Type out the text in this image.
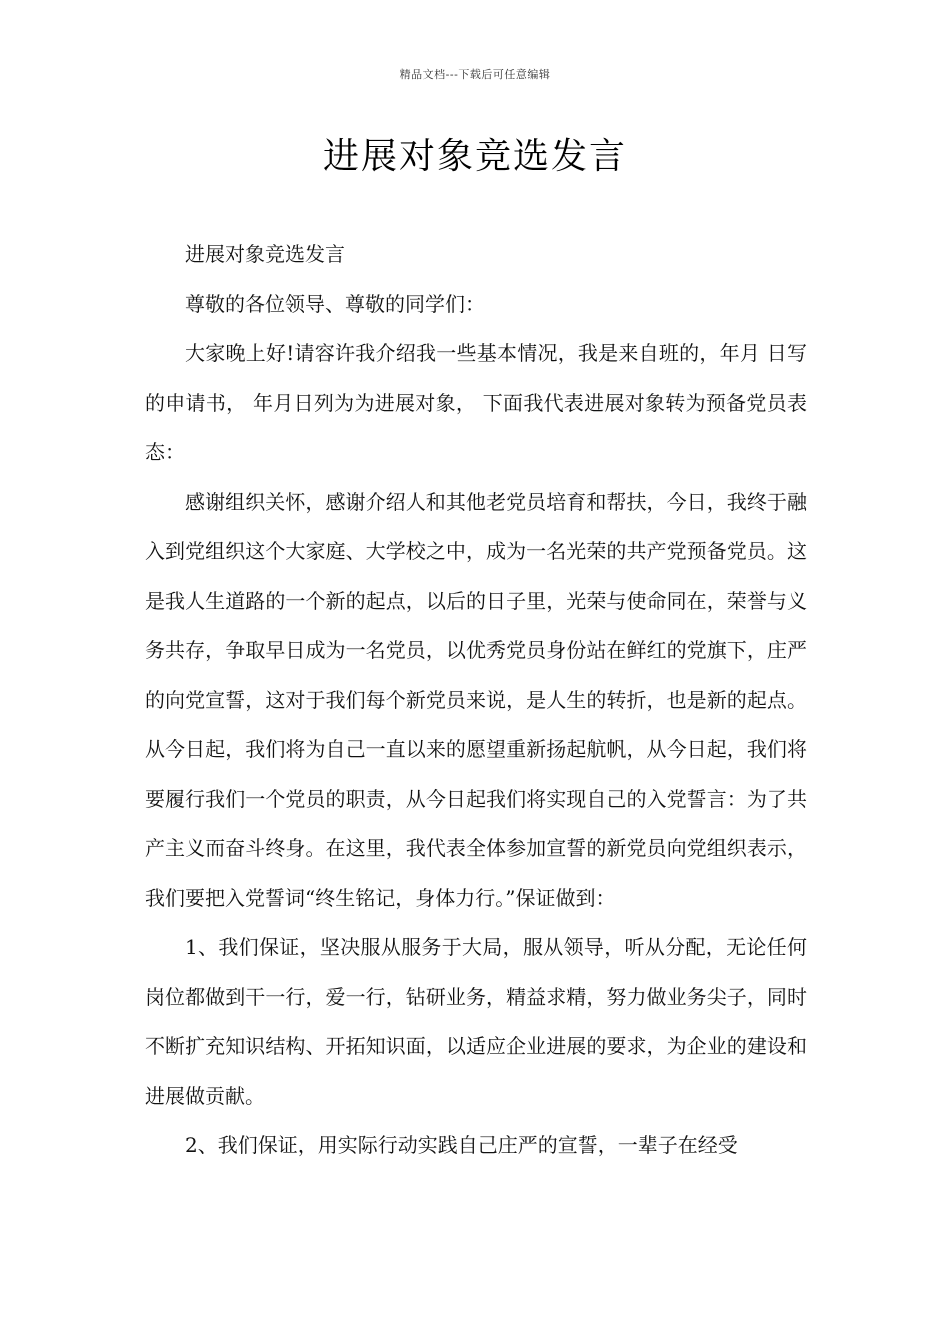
精品文档---下载后可任意编辑
进展对象竞选发言

进展对象竞选发言

尊敬的各位领导、尊敬的同学们：

大家晚上好!请容许我介绍我一些基本情况，我是来自班的，年月 日写的申请书， 年月日列为为进展对象， 下面我代表进展对象转为预备党员表态：

感谢组织关怀，感谢介绍人和其他老党员培育和帮扶，今日，我终于融入到党组织这个大家庭、大学校之中，成为一名光荣的共产党预备党员。这是我人生道路的一个新的起点，以后的日子里，光荣与使命同在，荣誉与义务共存，争取早日成为一名党员，以优秀党员身份站在鲜红的党旗下，庄严的向党宣誓，这对于我们每个新党员来说，是人生的转折，也是新的起点。从今日起，我们将为自己一直以来的愿望重新扬起航帆，从今日起，我们将要履行我们一个党员的职责，从今日起我们将实现自己的入党誓言：为了共产主义而奋斗终身。在这里，我代表全体参加宣誓的新党员向党组织表示，我们要把入党誓词“终生铭记，身体力行。”保证做到：

1、我们保证，坚决服从服务于大局，服从领导，听从分配，无论任何岗位都做到干一行，爱一行，钻研业务，精益求精，努力做业务尖子，同时不断扩充知识结构、开拓知识面，以适应企业进展的要求，为企业的建设和进展做贡献。

2、我们保证，用实际行动实践自己庄严的宣誓，一辈子在经受
